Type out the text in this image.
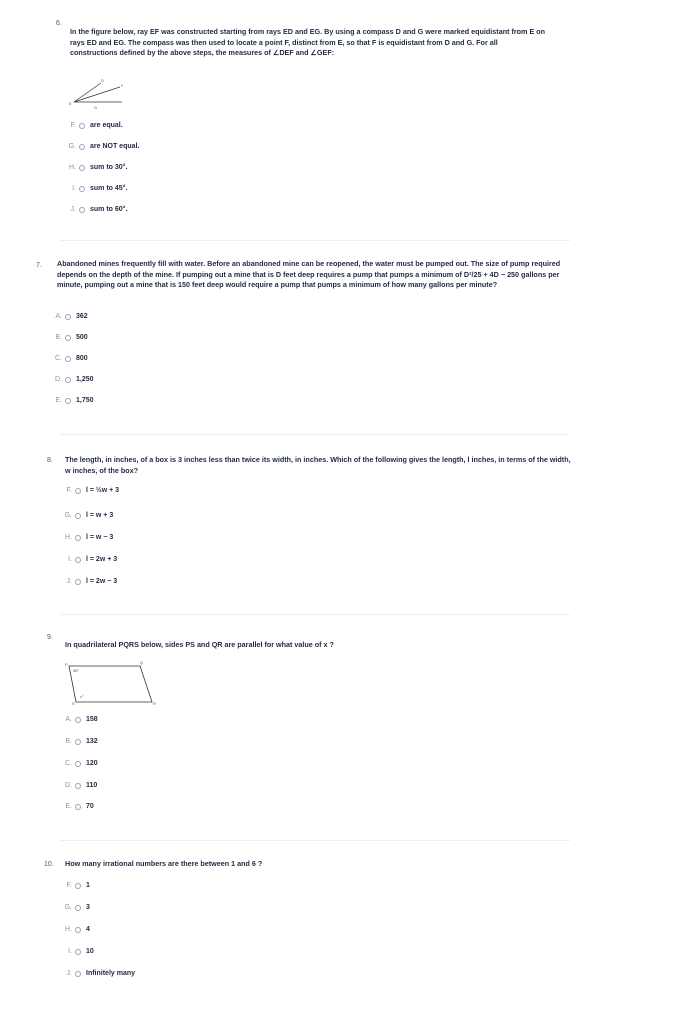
6.
In the figure below, ray EF was constructed starting from rays ED and EG. By using a compass D and G were marked equidistant from E on rays ED and EG. The compass was then used to locate a point F, distinct from E, so that F is equidistant from D and G. For all constructions defined by the above steps, the measures of ∠DEF and ∠GEF:
E
D
F
G
F. are equal.
G. are NOT equal.
H. sum to 30°.
I. sum to 45°.
J. sum to 60°.
7. Abandoned mines frequently fill with water. Before an abandoned mine can be reopened, the water must be pumped out. The size of pump required depends on the depth of the mine. If pumping out a mine that is D feet deep requires a pump that pumps a minimum of D²/25 + 4D − 250 gallons per minute, pumping out a mine that is 150 feet deep would require a pump that pumps a minimum of how many gallons per minute?
A. 362
B. 500
C. 800
D. 1,250
E. 1,750
8. The length, in inches, of a box is 3 inches less than twice its width, in inches. Which of the following gives the length, l inches, in terms of the width, w inches, of the box?
F. l = ½w + 3
G. l = w + 3
H. l = w − 3
I. l = 2w + 3
J. l = 2w − 3
9.
In quadrilateral PQRS below, sides PS and QR are parallel for what value of x ?
P	Q
R
S
58°
x°
A. 158
B. 132
C. 120
D. 110
E. 70
10. How many irrational numbers are there between 1 and 6 ?
F. 1
G. 3
H. 4
I. 10
J. Infinitely many
